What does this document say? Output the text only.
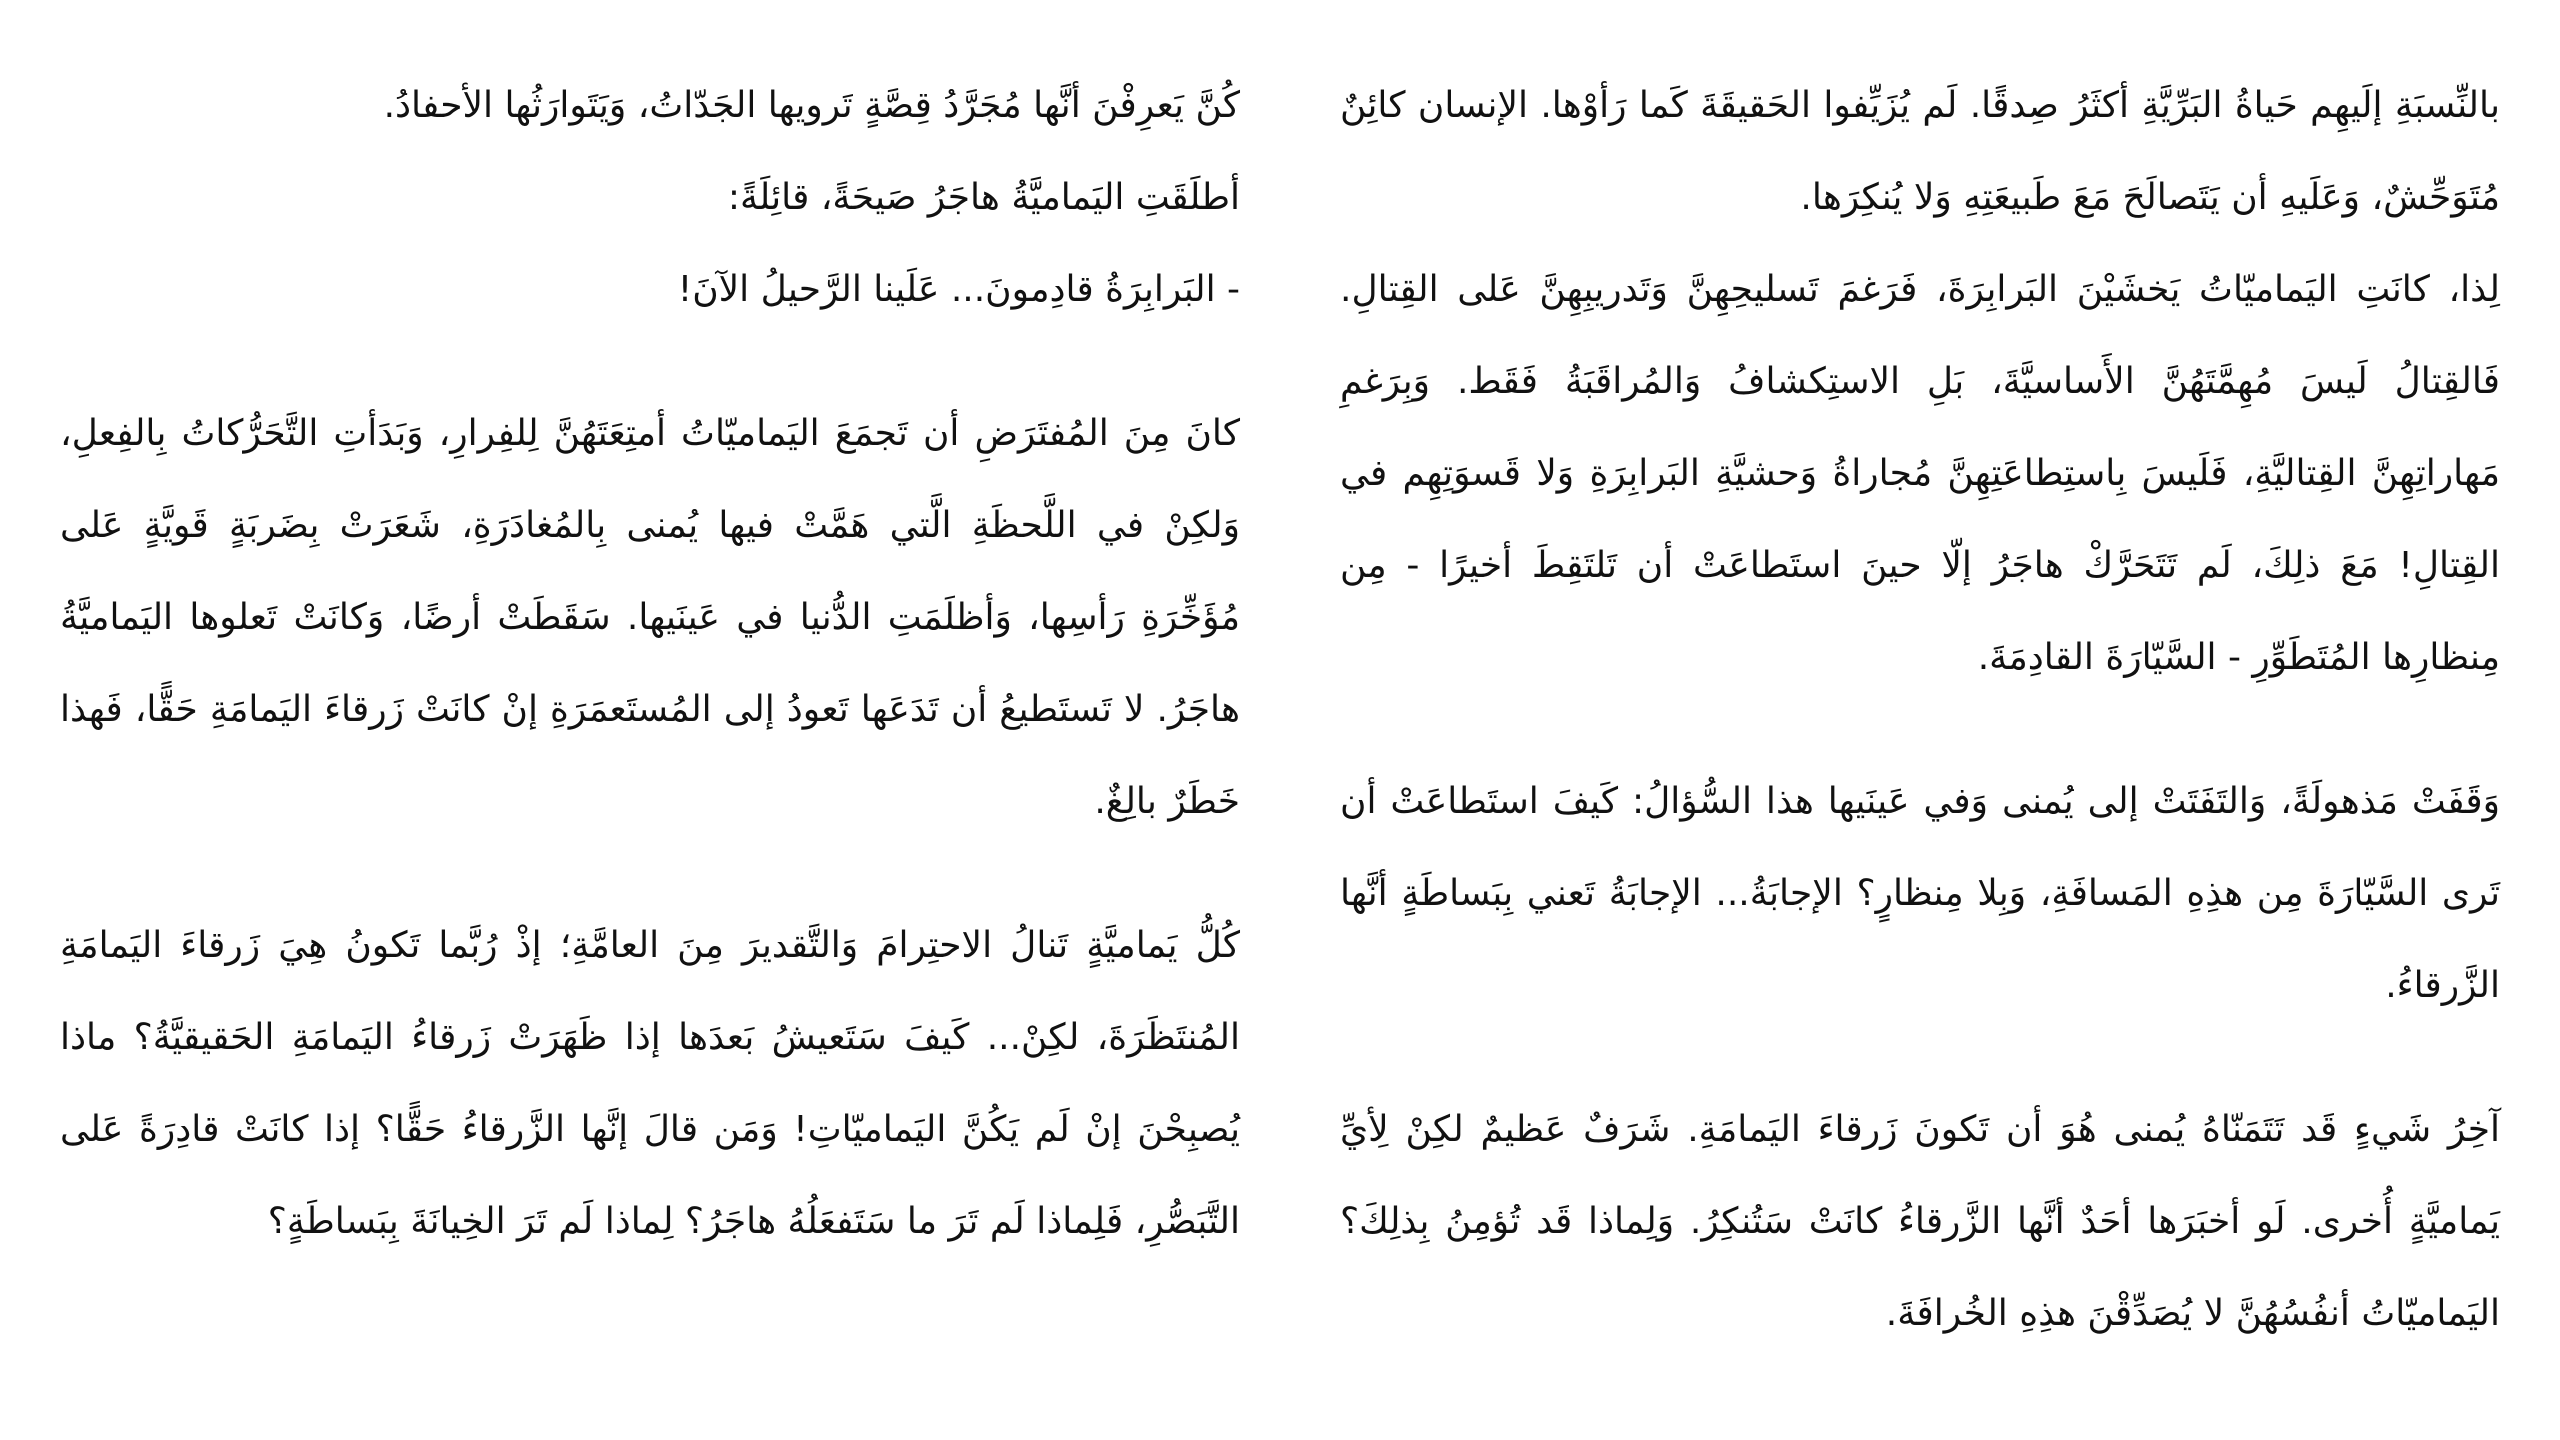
بالنِّسبَةِ إلَيهِم حَياةُ البَرِّيَّةِ أكثَرُ صِدقًا. لَم يُزَيِّفوا الحَقيقَةَ كَما رَأوْها. الإنسان كائِنٌ مُتَوَحِّشٌ، وَعَلَيهِ أن يَتَصالَحَ مَعَ طَبيعَتِهِ وَلا يُنكِرَها.

لِذا، كانَتِ اليَماميّاتُ يَخشَيْنَ البَرابِرَةَ، فَرَغمَ تَسليحِهِنَّ وَتَدريبِهِنَّ عَلى القِتالِ. فَالقِتالُ لَيسَ مُهِمَّتَهُنَّ الأَساسيَّةَ، بَلِ الاستِكشافُ وَالمُراقَبَةُ فَقَط. وَبِرَغمِ مَهاراتِهِنَّ القِتاليَّةِ، فَلَيسَ بِاستِطاعَتِهِنَّ مُجاراةُ وَحشيَّةِ البَرابِرَةِ وَلا قَسوَتِهِم في القِتالِ! مَعَ ذلِكَ، لَم تَتَحَرَّكْ هاجَرُ إلّا حينَ استَطاعَتْ أن تَلتَقِطَ أخيرًا - مِن مِنظارِها المُتَطَوِّرِ - السَّيّارَةَ القادِمَةَ.

وَقَفَتْ مَذهولَةً، وَالتَفَتَتْ إلى يُمنى وَفي عَينَيها هذا السُّؤالُ: كَيفَ استَطاعَتْ أن تَرى السَّيّارَةَ مِن هذِهِ المَسافَةِ، وَبِلا مِنظارٍ؟ الإجابَةُ... الإجابَةُ تَعني بِبَساطَةٍ أنَّها الزَّرقاءُ.

آخِرُ شَيءٍ قَد تَتَمَنّاهُ يُمنى هُوَ أن تَكونَ زَرقاءَ اليَمامَةِ. شَرَفٌ عَظيمٌ لكِنْ لِأيِّ يَماميَّةٍ أُخرى. لَو أخبَرَها أحَدٌ أنَّها الزَّرقاءُ كانَتْ سَتُنكِرُ. وَلِماذا قَد تُؤمِنُ بِذلِكَ؟ اليَماميّاتُ أنفُسُهُنَّ لا يُصَدِّقْنَ هذِهِ الخُرافَةَ.

كُنَّ يَعرِفْنَ أنَّها مُجَرَّدُ قِصَّةٍ تَرويها الجَدّاتُ، وَيَتَوارَثُها الأحفادُ.

أطلَقَتِ اليَماميَّةُ هاجَرُ صَيحَةً، قائِلَةً:

- البَرابِرَةُ قادِمونَ... عَلَينا الرَّحيلُ الآنَ!

كانَ مِنَ المُفتَرَضِ أن تَجمَعَ اليَماميّاتُ أمتِعَتَهُنَّ لِلفِرارِ، وَبَدَأتِ التَّحَرُّكاتُ بِالفِعلِ، وَلكِنْ في اللَّحظَةِ الَّتي هَمَّتْ فيها يُمنى بِالمُغادَرَةِ، شَعَرَتْ بِضَربَةٍ قَويَّةٍ عَلى مُؤَخِّرَةِ رَأسِها، وَأظلَمَتِ الدُّنيا في عَينَيها. سَقَطَتْ أرضًا، وَكانَتْ تَعلوها اليَماميَّةُ هاجَرُ. لا تَستَطيعُ أن تَدَعَها تَعودُ إلى المُستَعمَرَةِ إنْ كانَتْ زَرقاءَ اليَمامَةِ حَقًّا، فَهذا خَطَرٌ بالِغٌ.

كُلُّ يَماميَّةٍ تَنالُ الاحتِرامَ وَالتَّقديرَ مِنَ العامَّةِ؛ إذْ رُبَّما تَكونُ هِيَ زَرقاءَ اليَمامَةِ المُنتَظَرَةَ، لكِنْ... كَيفَ سَتَعيشُ بَعدَها إذا ظَهَرَتْ زَرقاءُ اليَمامَةِ الحَقيقيَّةُ؟ ماذا يُصبِحْنَ إنْ لَم يَكُنَّ اليَماميّاتِ! وَمَن قالَ إنَّها الزَّرقاءُ حَقًّا؟ إذا كانَتْ قادِرَةً عَلى التَّبَصُّرِ، فَلِماذا لَم تَرَ ما سَتَفعَلُهُ هاجَرُ؟ لِماذا لَم تَرَ الخِيانَةَ بِبَساطَةٍ؟
